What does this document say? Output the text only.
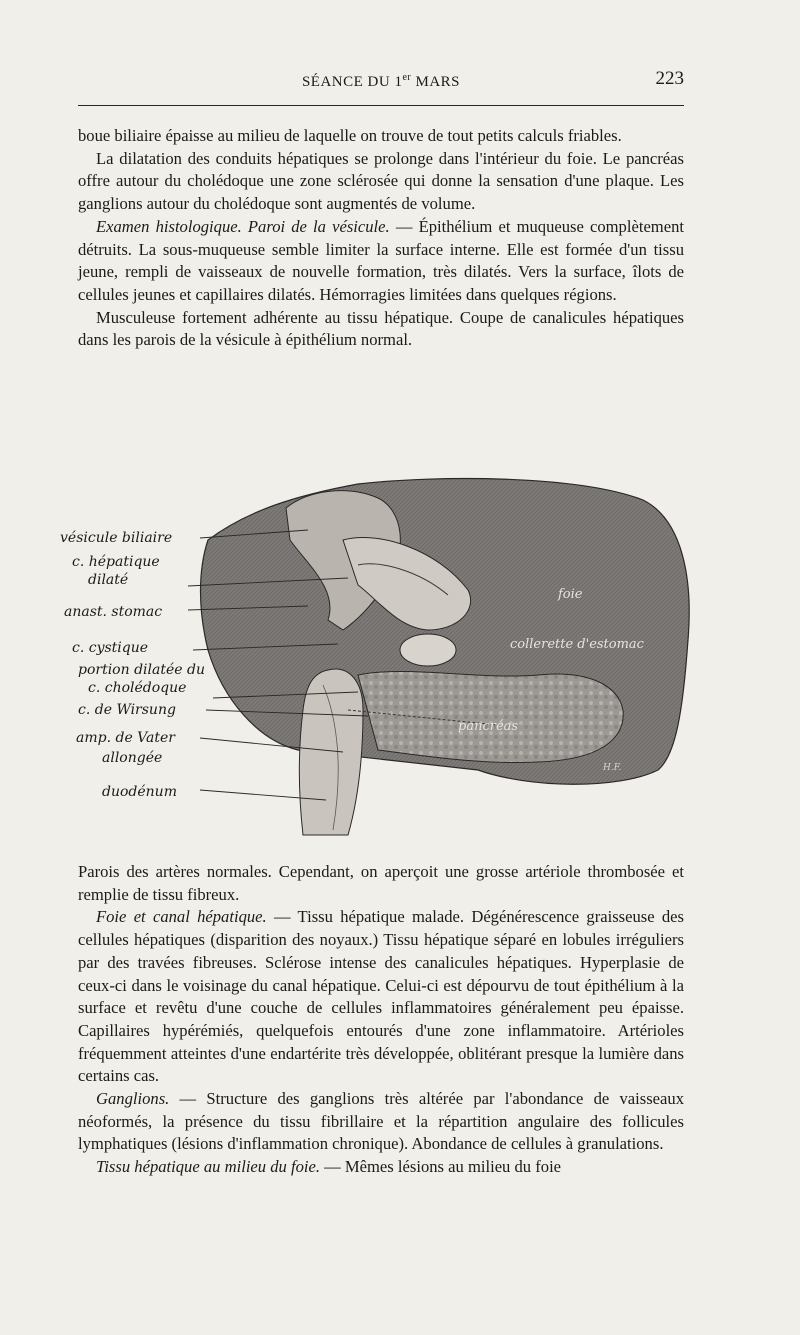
SÉANCE DU 1er MARS	223

boue biliaire épaisse au milieu de laquelle on trouve de tout petits calculs friables.

La dilatation des conduits hépatiques se prolonge dans l'intérieur du foie. Le pancréas offre autour du cholédoque une zone sclérosée qui donne la sensation d'une plaque. Les ganglions autour du cholédoque sont augmentés de volume.

Examen histologique. Paroi de la vésicule. — Épithélium et muqueuse complètement détruits. La sous-muqueuse semble limiter la surface interne. Elle est formée d'un tissu jeune, rempli de vaisseaux de nouvelle formation, très dilatés. Vers la surface, îlots de cellules jeunes et capillaires dilatés. Hémorragies limitées dans quelques régions.

Musculeuse fortement adhérente au tissu hépatique. Coupe de canalicules hépatiques dans les parois de la vésicule à épithélium normal.

vésicule biliaire
c. hépatique
dilaté
anast. stomac
c. cystique
portion dilatée du
c. cholédoque
c. de Wirsung
amp. de Vater
allongée
duodénum
foie
collerette d'estomac
pancréas
H.F.

Parois des artères normales. Cependant, on aperçoit une grosse artériole thrombosée et remplie de tissu fibreux.

Foie et canal hépatique. — Tissu hépatique malade. Dégénérescence graisseuse des cellules hépatiques (disparition des noyaux.) Tissu hépatique séparé en lobules irréguliers par des travées fibreuses. Sclérose intense des canalicules hépatiques. Hyperplasie de ceux-ci dans le voisinage du canal hépatique. Celui-ci est dépourvu de tout épithélium à la surface et revêtu d'une couche de cellules inflammatoires généralement peu épaisse. Capillaires hypérémiés, quelquefois entourés d'une zone inflammatoire. Artérioles fréquemment atteintes d'une endartérite très développée, oblitérant presque la lumière dans certains cas.

Ganglions. — Structure des ganglions très altérée par l'abondance de vaisseaux néoformés, la présence du tissu fibrillaire et la répartition angulaire des follicules lymphatiques (lésions d'inflammation chronique). Abondance de cellules à granulations.

Tissu hépatique au milieu du foie. — Mêmes lésions au milieu du foie
